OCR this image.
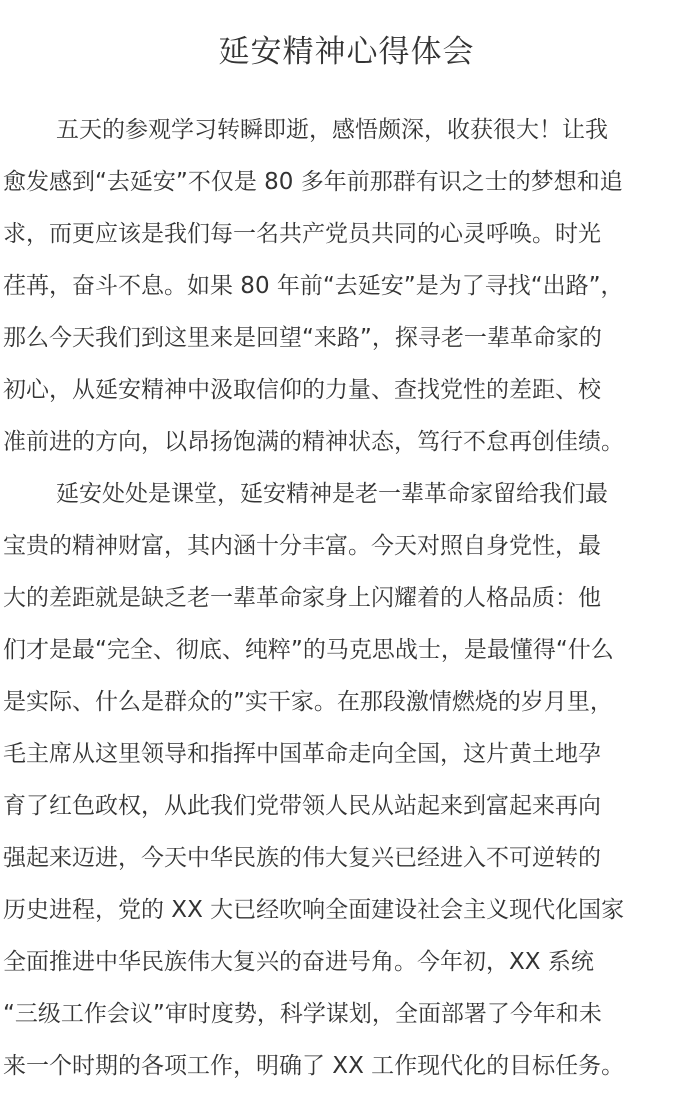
延安精神心得体会
五天的参观学习转瞬即逝，感悟颇深，收获很大！让我
愈发感到“去延安”不仅是 80 多年前那群有识之士的梦想和追
求，而更应该是我们每一名共产党员共同的心灵呼唤。时光
荏苒，奋斗不息。如果 80 年前“去延安”是为了寻找“出路”，
那么今天我们到这里来是回望“来路”，探寻老一辈革命家的
初心，从延安精神中汲取信仰的力量、查找党性的差距、校
准前进的方向，以昂扬饱满的精神状态，笃行不怠再创佳绩。
延安处处是课堂，延安精神是老一辈革命家留给我们最
宝贵的精神财富，其内涵十分丰富。今天对照自身党性，最
大的差距就是缺乏老一辈革命家身上闪耀着的人格品质：他
们才是最“完全、彻底、纯粹”的马克思战士，是最懂得“什么
是实际、什么是群众的”实干家。在那段激情燃烧的岁月里，
毛主席从这里领导和指挥中国革命走向全国，这片黄土地孕
育了红色政权，从此我们党带领人民从站起来到富起来再向
强起来迈进，今天中华民族的伟大复兴已经进入不可逆转的
历史进程，党的 XX 大已经吹响全面建设社会主义现代化国家
全面推进中华民族伟大复兴的奋进号角。今年初，XX 系统
“三级工作会议”审时度势，科学谋划，全面部署了今年和未
来一个时期的各项工作，明确了 XX 工作现代化的目标任务。
